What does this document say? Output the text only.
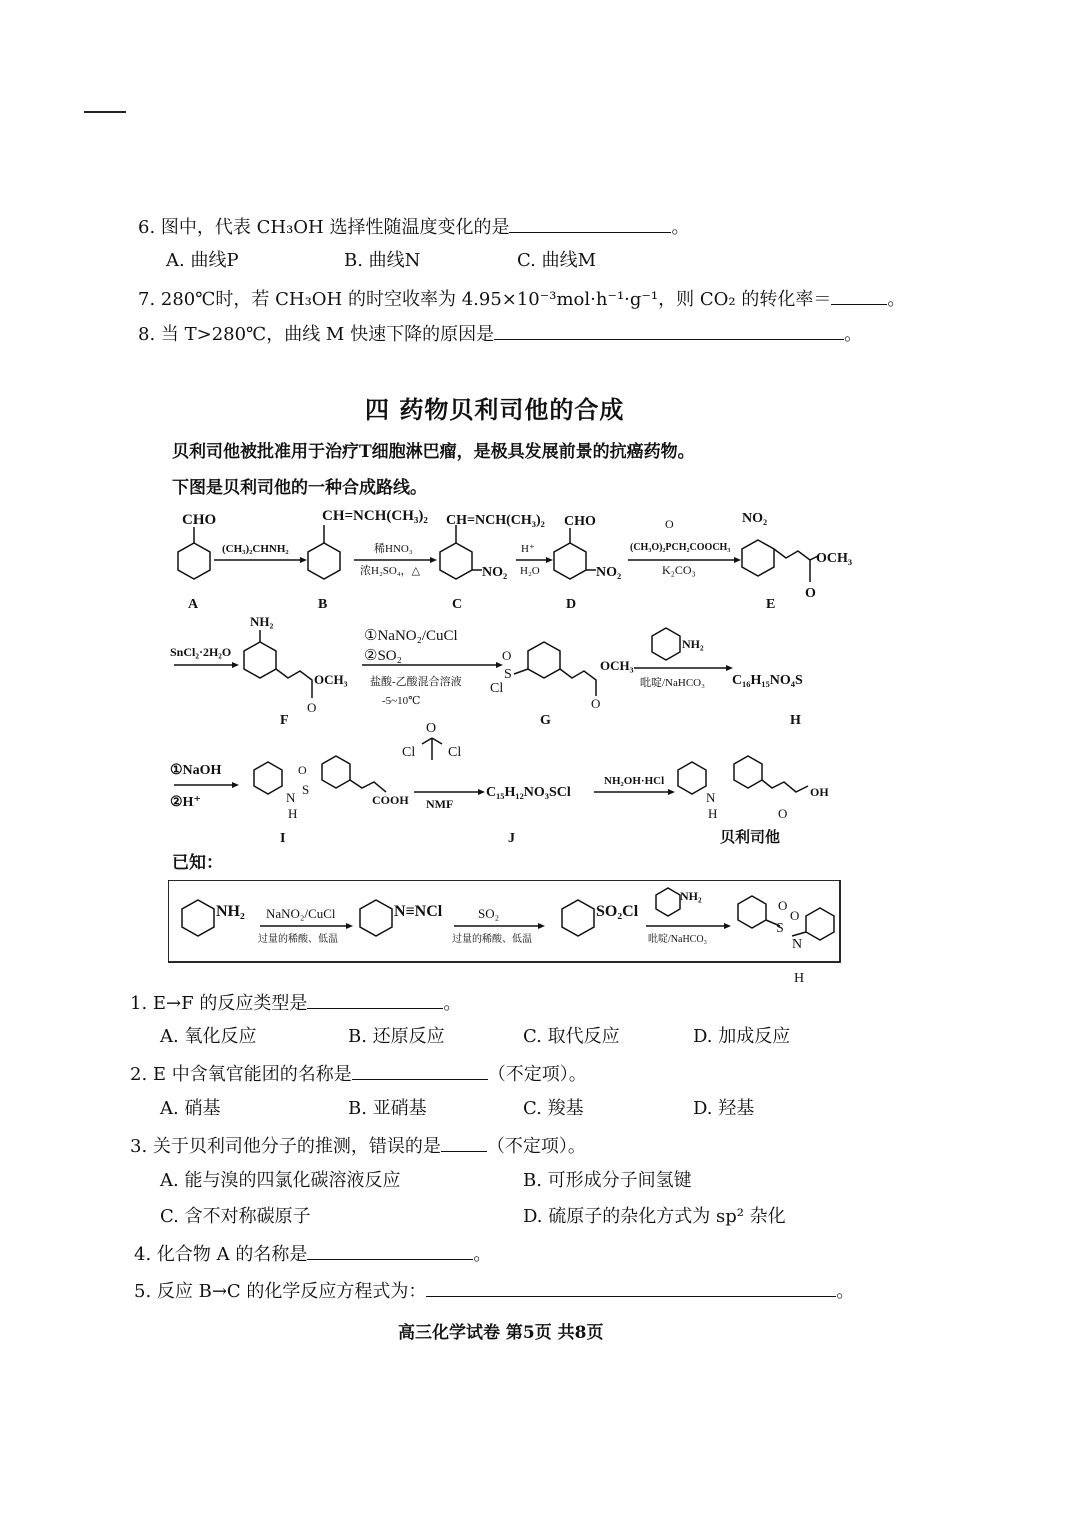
6. 图中，代表 CH₃OH 选择性随温度变化的是	。
A. 曲线P	B. 曲线N	C. 曲线M
7. 280℃时，若 CH₃OH 的时空收率为 4.95×10⁻³mol·h⁻¹·g⁻¹，则 CO₂ 的转化率＝	。
8. 当 T>280℃，曲线 M 快速下降的原因是	。
四 药物贝利司他的合成
贝利司他被批准用于治疗T细胞淋巴瘤，是极具发展前景的抗癌药物。
下图是贝利司他的一种合成路线。
CHO	CH=NCH(CH₃)₂ CH=NCH(CH₃)₂
NO₂
CHO
NO₂
NO₂
OCH₃
O
(CH₃)₂CHNH₂	稀HNO₃
浓H₂SO₄，△
H⁺
H₂O
O
(CH₃O)₂PCH₂COOCH₃
K₂CO₃
A	B	C	D	E
SnCl₂·2H₂O
NH₂
OCH₃
O
①NaNO₂/CuCl
②SO₂
盐酸-乙酸混合溶液
-5~10℃
OCH₃
O
Cl
S
O
NH₂
吡啶/NaHCO₃ C₁₆H₁₅NO₄S
F	G	H
①NaOH
②H⁺	COOH
N
H
S
O
O
Cl Cl
NMF
C₁₅H₁₂NO₃SCl
NH₂OH·HCl
N
H
OH
O
I	J	贝利司他
已知：
NH₂ NaNO₂/CuCl
过量的稀酸、低温
N≡NCl	SO₂
过量的稀酸、低温
SO₂Cl
NH₂
吡啶/NaHCO₃
S
O
O
N
H
1. E→F 的反应类型是	。
A. 氧化反应	B. 还原反应	C. 取代反应	D. 加成反应
2. E 中含氧官能团的名称是	（不定项）。
A. 硝基	B. 亚硝基	C. 羧基	D. 羟基
3. 关于贝利司他分子的推测，错误的是	（不定项）。
A. 能与溴的四氯化碳溶液反应	B. 可形成分子间氢键
C. 含不对称碳原子	D. 硫原子的杂化方式为 sp² 杂化
4. 化合物 A 的名称是	。
5. 反应 B→C 的化学反应方程式为：	。
高三化学试卷 第5页 共8页
